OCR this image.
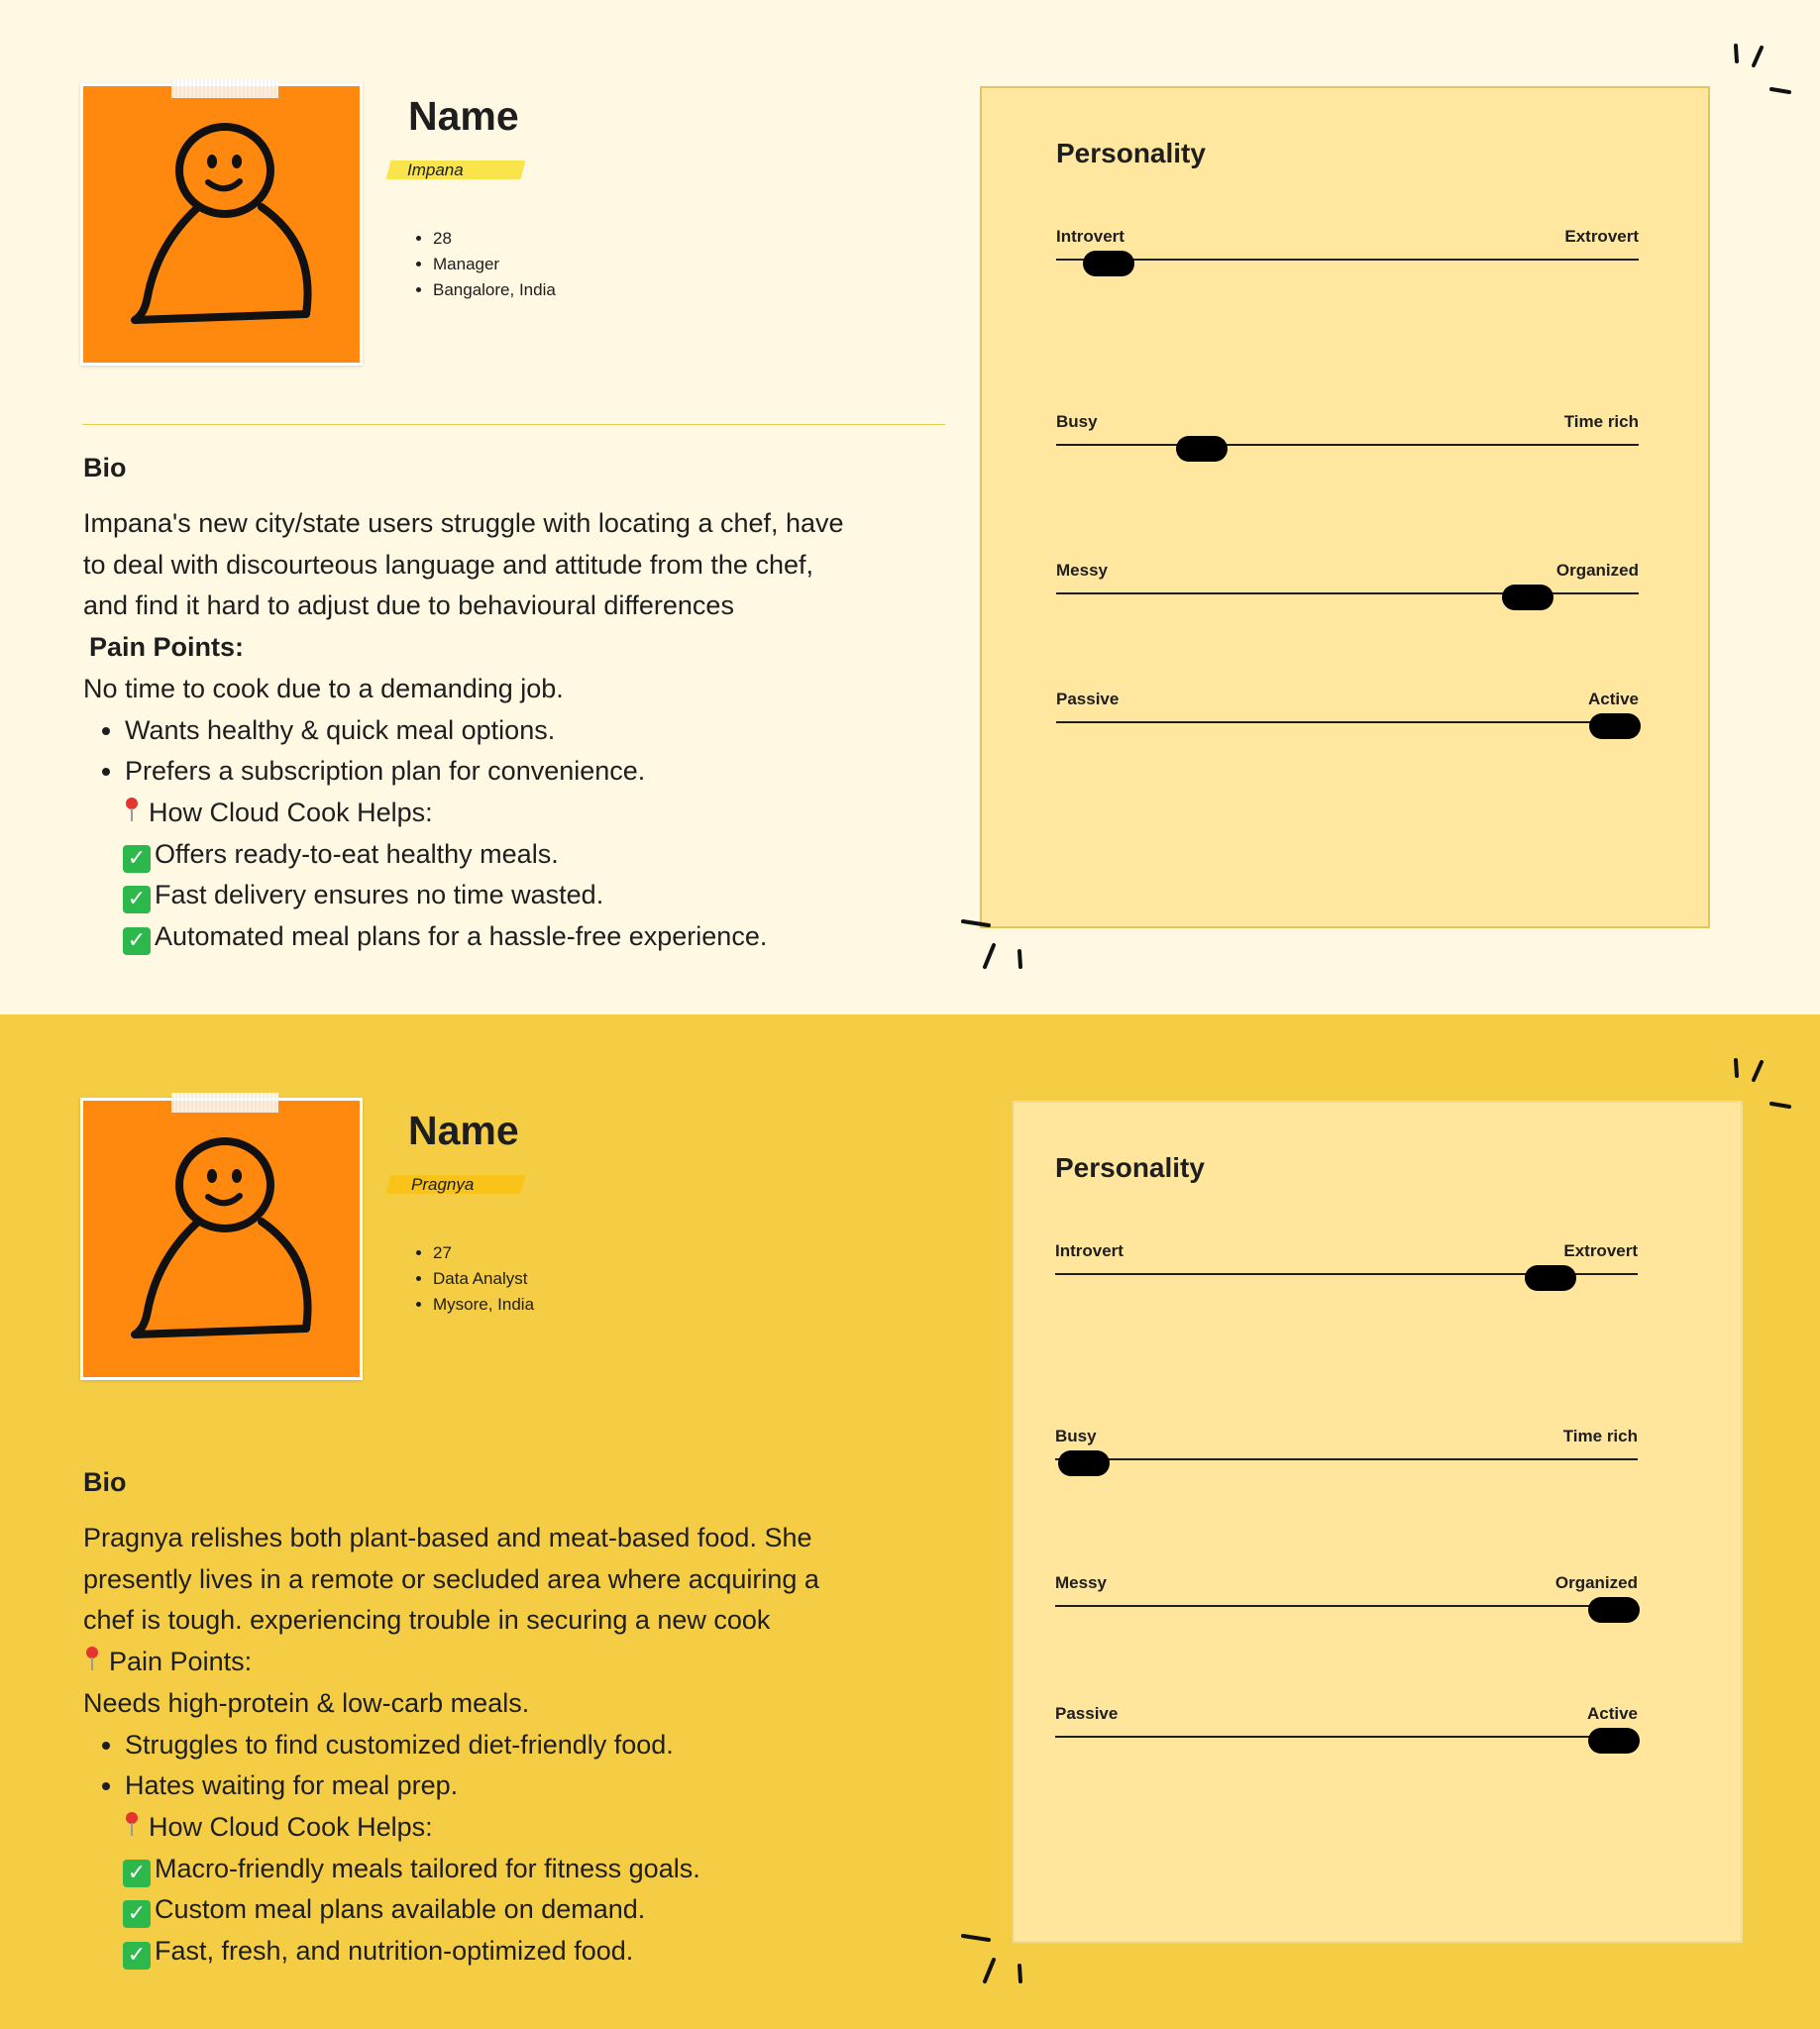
Name
Impana
• 28
• Manager
• Bangalore, India
Bio

Impana's new city/state users struggle with locating a chef, have

to deal with discourteous language and attitude from the chef,

and find it hard to adjust due to behavioural differences

Pain Points:

No time to cook due to a demanding job.

• Wants healthy & quick meal options.
• Prefers a subscription plan for convenience.

How Cloud Cook Helps:

✓ Offers ready-to-eat healthy meals.

✓ Fast delivery ensures no time wasted.

✓ Automated meal plans for a hassle-free experience.

Personality
Introvert	Extrovert
Busy	Time rich
Messy	Organized
Passive	Active
Name
Pragnya
• 27
• Data Analyst
• Mysore, India
Bio

Pragnya relishes both plant-based and meat-based food. She

presently lives in a remote or secluded area where acquiring a

chef is tough. experiencing trouble in securing a new cook

Pain Points:

Needs high-protein & low-carb meals.

• Struggles to find customized diet-friendly food.
• Hates waiting for meal prep.

How Cloud Cook Helps:

✓ Macro-friendly meals tailored for fitness goals.

✓ Custom meal plans available on demand.

✓ Fast, fresh, and nutrition-optimized food.

Personality
Introvert	Extrovert
Busy	Time rich
Messy	Organized
Passive	Active
